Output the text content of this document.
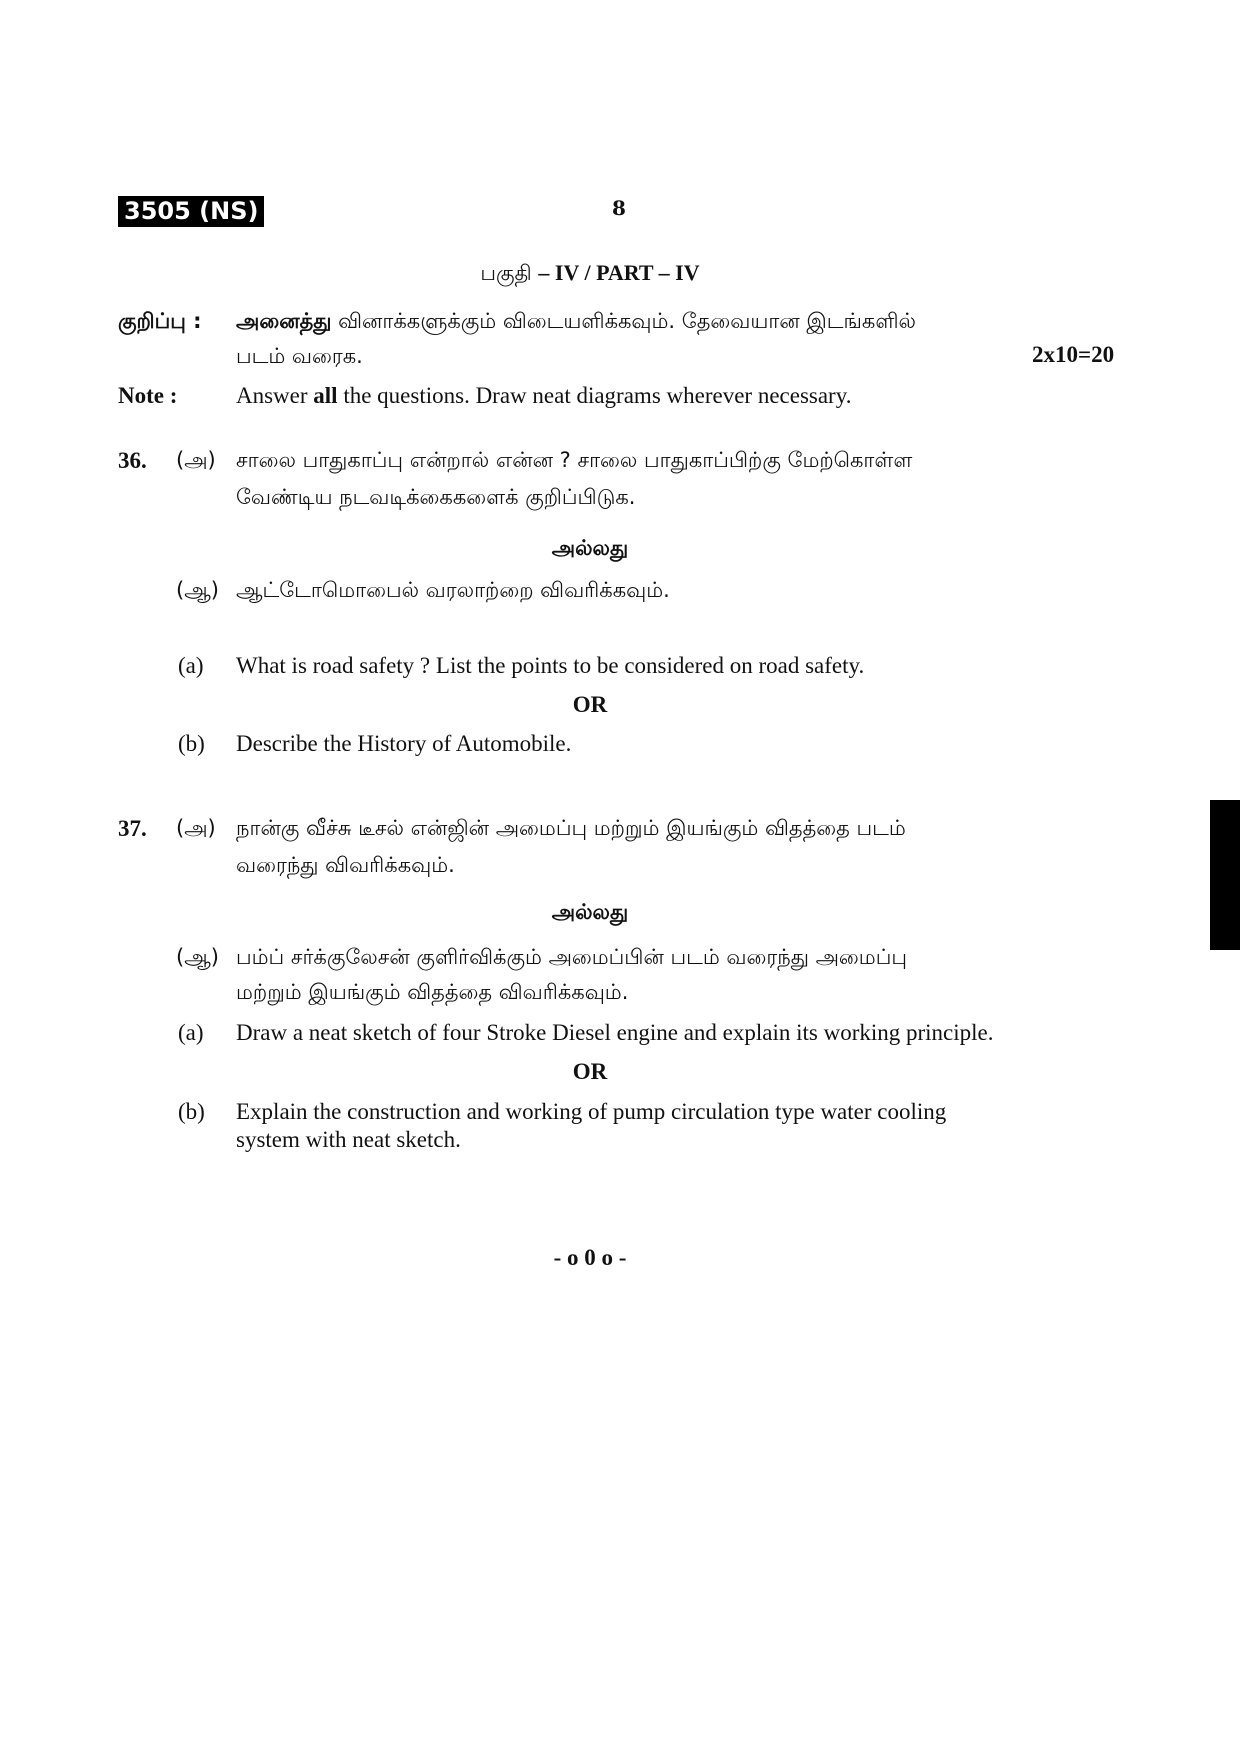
3505 (NS)	8
பகுதி – IV / PART – IV
குறிப்பு : அனைத்து வினாக்களுக்கும் விடையளிக்கவும். தேவையான இடங்களில்
படம் வரைக.	2x10=20
Note :	Answer all the questions. Draw neat diagrams wherever necessary.
36. (அ) சாலை பாதுகாப்பு என்றால் என்ன ? சாலை பாதுகாப்பிற்கு மேற்கொள்ள
வேண்டிய நடவடிக்கைகளைக் குறிப்பிடுக.
அல்லது
(ஆ) ஆட்டோமொபைல் வரலாற்றை விவரிக்கவும்.
(a) What is road safety ? List the points to be considered on road safety.
OR
(b) Describe the History of Automobile.
37. (அ) நான்கு வீச்சு டீசல் என்ஜின் அமைப்பு மற்றும் இயங்கும் விதத்தை படம்
வரைந்து விவரிக்கவும்.
அல்லது
(ஆ) பம்ப் சர்க்குலேசன் குளிர்விக்கும் அமைப்பின் படம் வரைந்து அமைப்பு
மற்றும் இயங்கும் விதத்தை விவரிக்கவும்.
(a) Draw a neat sketch of four Stroke Diesel engine and explain its working principle.
OR
(b) Explain the construction and working of pump circulation type water cooling
system with neat sketch.
- o 0 o -
